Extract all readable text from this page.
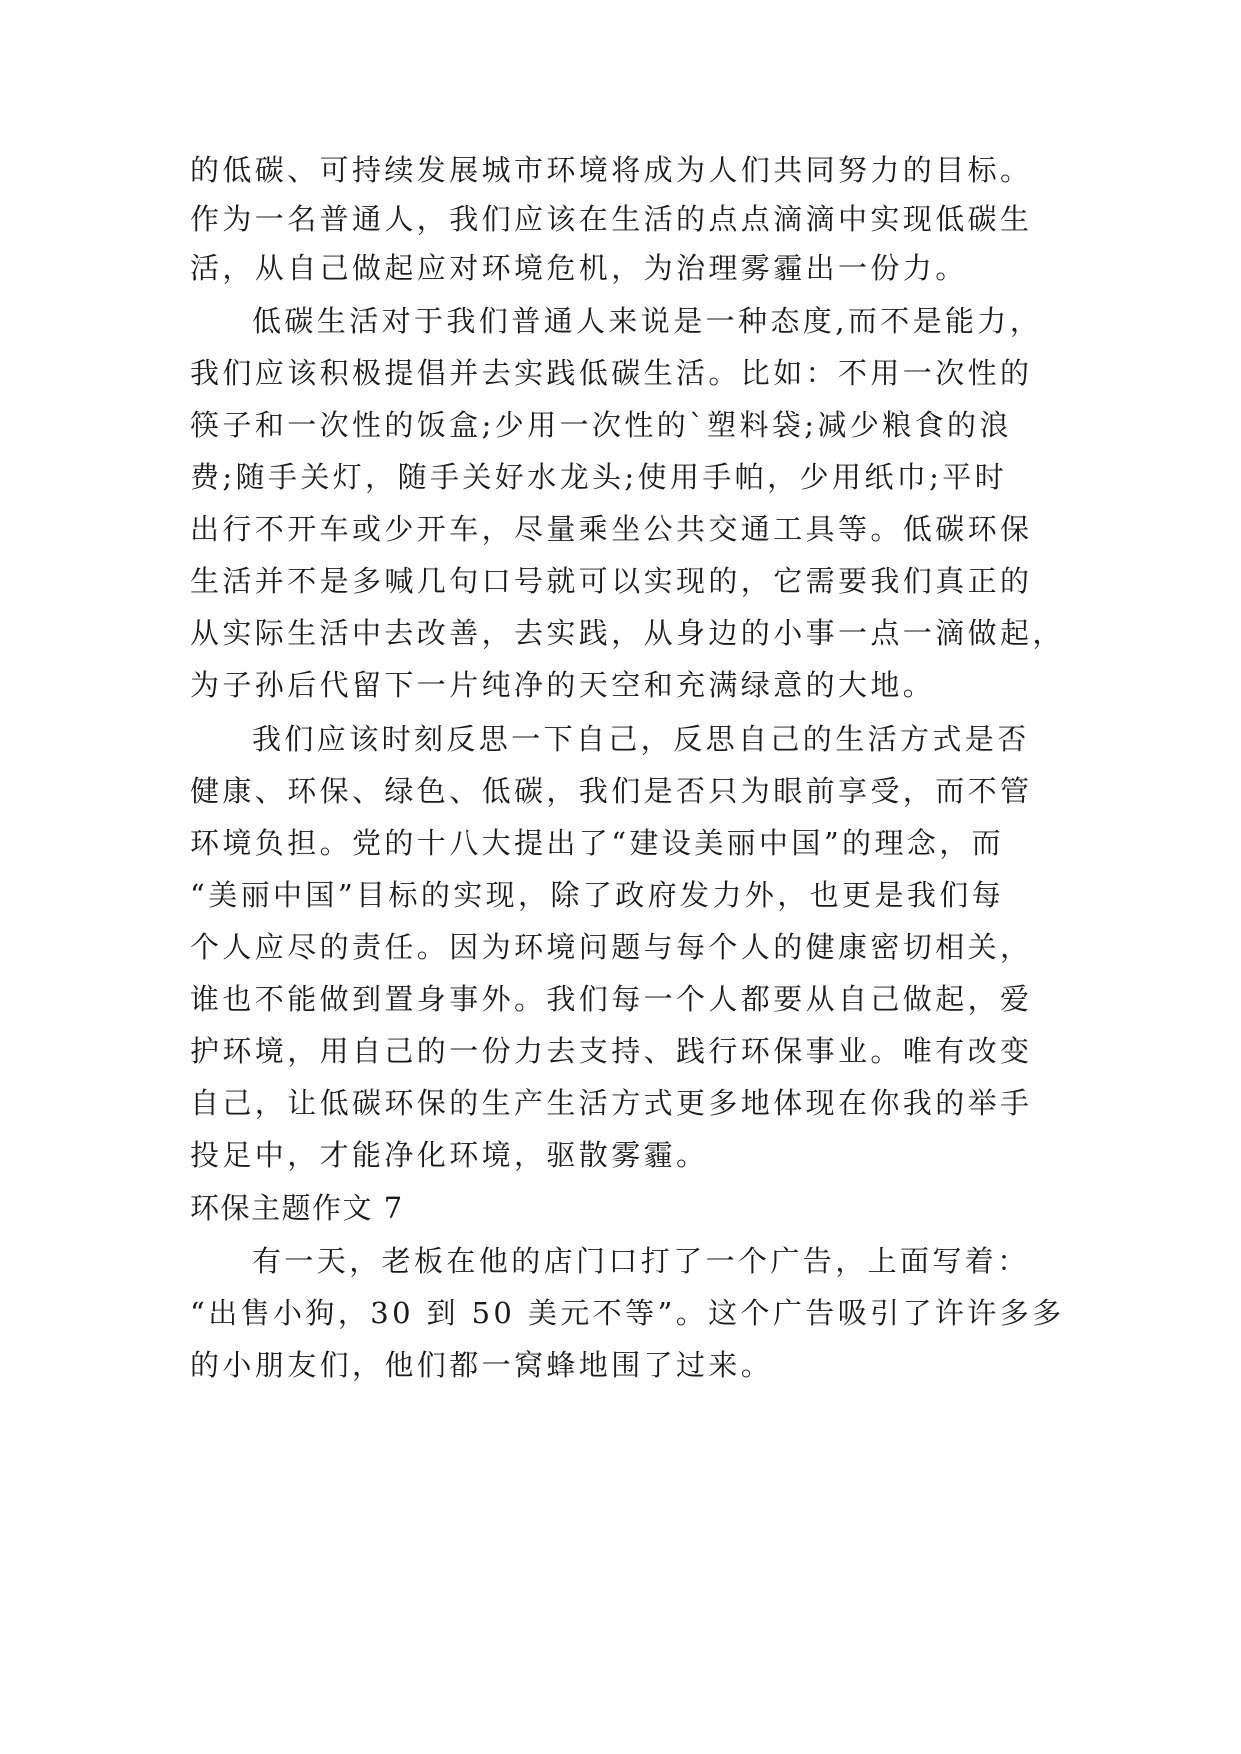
的低碳、可持续发展城市环境将成为人们共同努力的目标。
作为一名普通人，我们应该在生活的点点滴滴中实现低碳生
活，从自己做起应对环境危机，为治理雾霾出一份力。
低碳生活对于我们普通人来说是一种态度,而不是能力，
我们应该积极提倡并去实践低碳生活。比如：不用一次性的
筷子和一次性的饭盒;少用一次性的`塑料袋;减少粮食的浪
费;随手关灯，随手关好水龙头;使用手帕，少用纸巾;平时
出行不开车或少开车，尽量乘坐公共交通工具等。低碳环保
生活并不是多喊几句口号就可以实现的，它需要我们真正的
从实际生活中去改善，去实践，从身边的小事一点一滴做起，
为子孙后代留下一片纯净的天空和充满绿意的大地。
我们应该时刻反思一下自己，反思自己的生活方式是否
健康、环保、绿色、低碳，我们是否只为眼前享受，而不管
环境负担。党的十八大提出了“建设美丽中国”的理念，而
“美丽中国”目标的实现，除了政府发力外，也更是我们每
个人应尽的责任。因为环境问题与每个人的健康密切相关，
谁也不能做到置身事外。我们每一个人都要从自己做起，爱
护环境，用自己的一份力去支持、践行环保事业。唯有改变
自己，让低碳环保的生产生活方式更多地体现在你我的举手
投足中，才能净化环境，驱散雾霾。
环保主题作文 7
有一天，老板在他的店门口打了一个广告，上面写着：
“出售小狗，30 到 50 美元不等”。这个广告吸引了许许多多
的小朋友们，他们都一窝蜂地围了过来。
